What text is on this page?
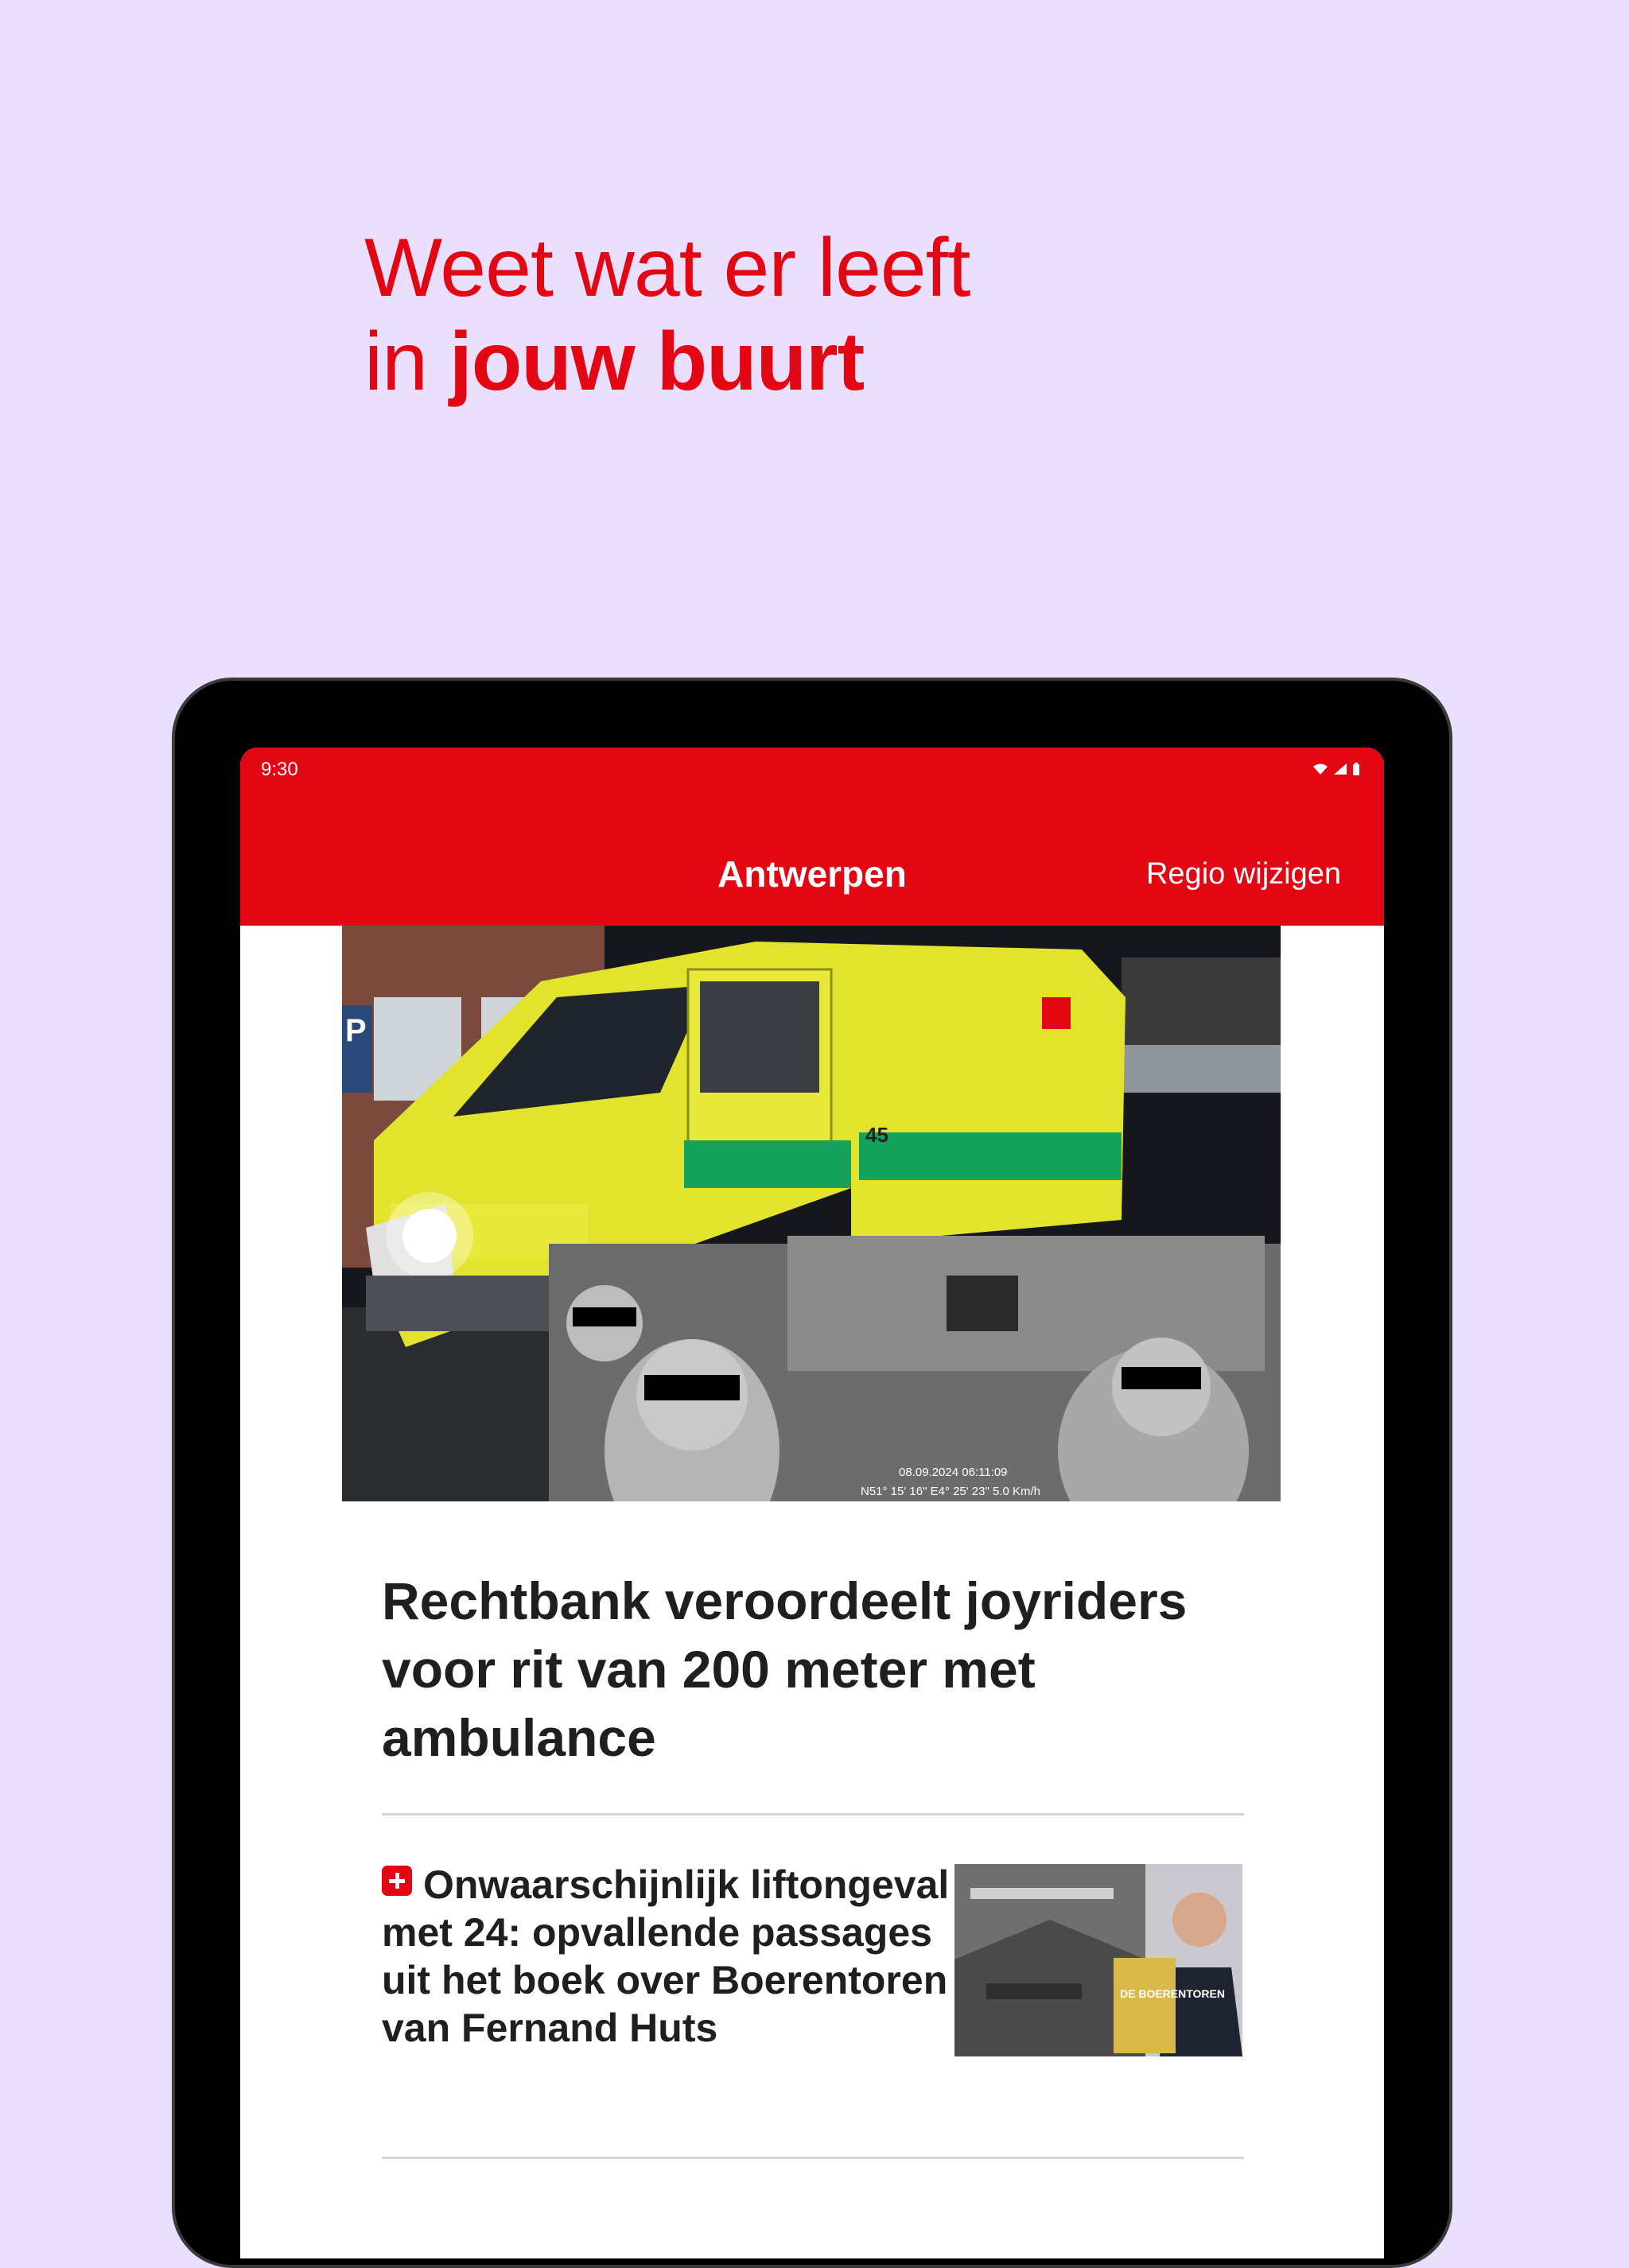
Weet wat er leeft
in jouw buurt
9:30
Antwerpen	Regio wijzigen
P
45
08.09.2024 06:11:09
N51° 15' 16" E4° 25' 23" 5.0 Km/h
Rechtbank veroordeelt joyriders voor rit van 200 meter met ambulance
Onwaarschijnlijk liftongeval met 24: opvallende passages uit het boek over Boerentoren van Fernand Huts
DE BOERENTOREN
